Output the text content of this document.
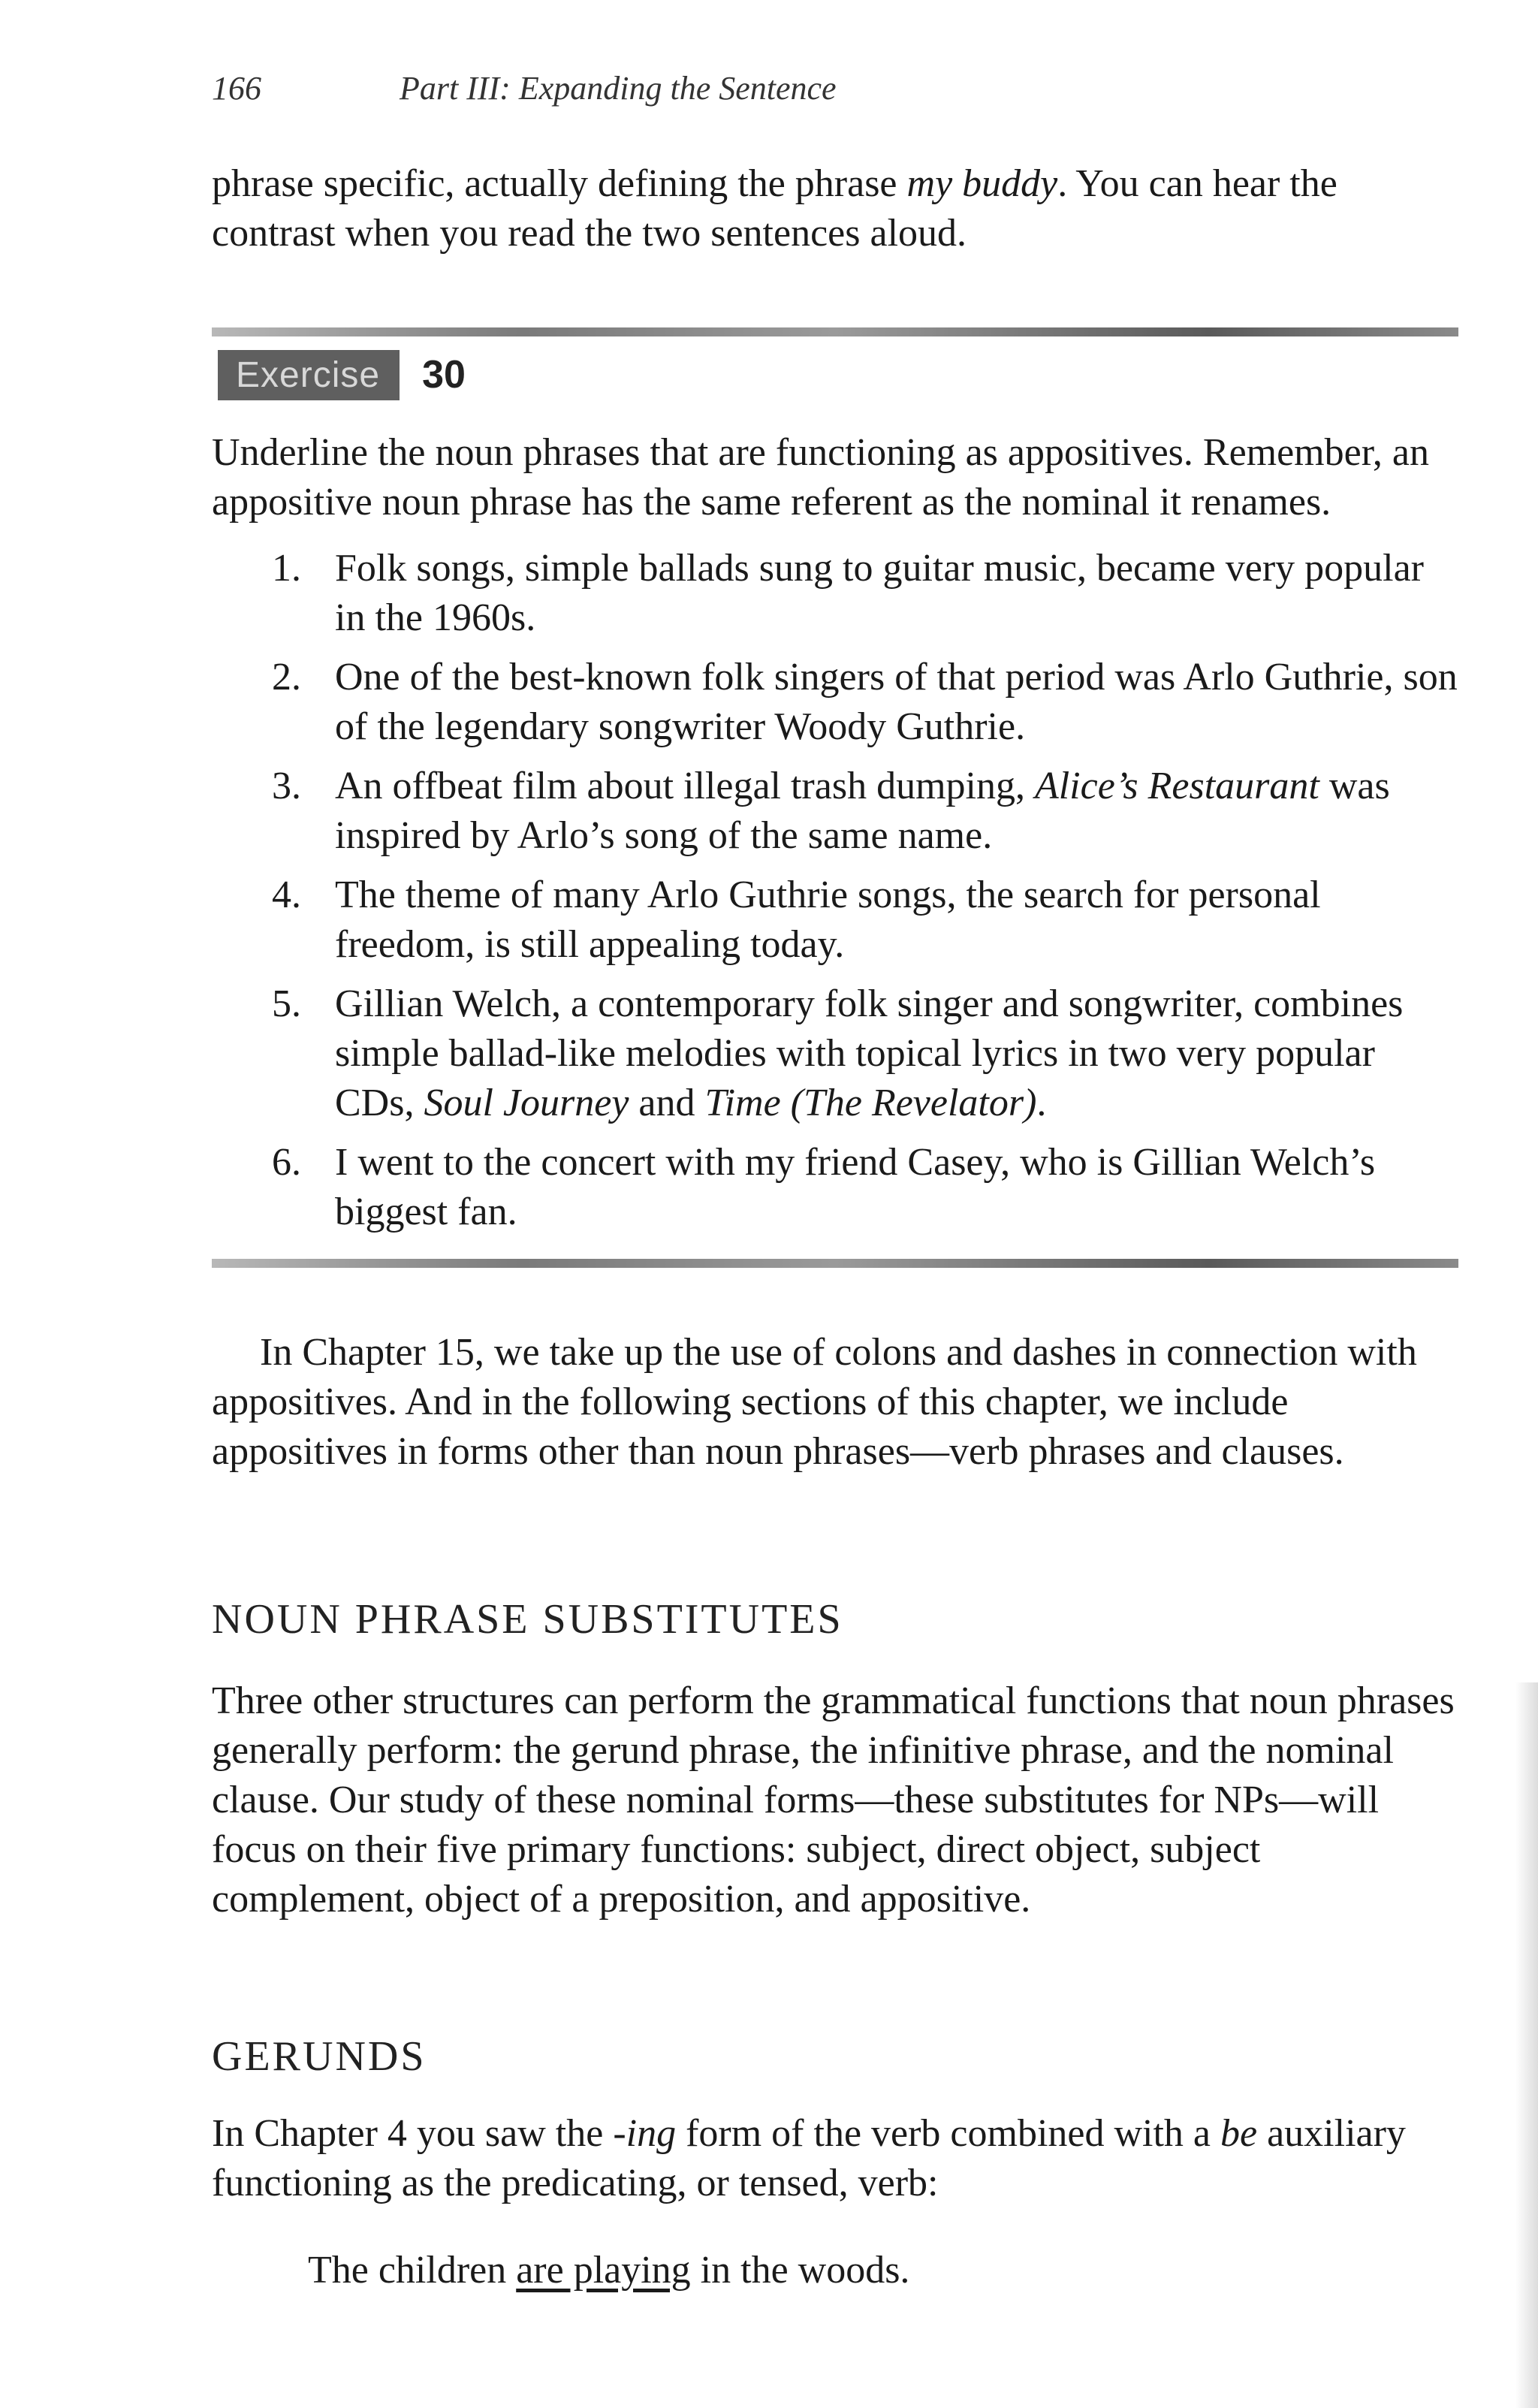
166	Part III: Expanding the Sentence

phrase specific, actually defining the phrase my buddy. You can hear the contrast when you read the two sentences aloud.

Exercise	30

Underline the noun phrases that are functioning as appositives. Remember, an appositive noun phrase has the same referent as the nominal it renames.

1. Folk songs, simple ballads sung to guitar music, became very popular in the 1960s.
2. One of the best-known folk singers of that period was Arlo Guthrie, son of the legendary songwriter Woody Guthrie.
3. An offbeat film about illegal trash dumping, Alice’s Restaurant was inspired by Arlo’s song of the same name.
4. The theme of many Arlo Guthrie songs, the search for personal freedom, is still appealing today.
5. Gillian Welch, a contemporary folk singer and songwriter, combines simple ballad-like melodies with topical lyrics in two very popular CDs, Soul Journey and Time (The Revelator).
6. I went to the concert with my friend Casey, who is Gillian Welch’s biggest fan.

In Chapter 15, we take up the use of colons and dashes in connection with appositives. And in the following sections of this chapter, we include appositives in forms other than noun phrases—verb phrases and clauses.

NOUN PHRASE SUBSTITUTES

Three other structures can perform the grammatical functions that noun phrases generally perform: the gerund phrase, the infinitive phrase, and the nominal clause. Our study of these nominal forms—these substitutes for NPs—will focus on their five primary functions: subject, direct object, subject complement, object of a preposition, and appositive.

GERUNDS

In Chapter 4 you saw the -ing form of the verb combined with a be auxiliary functioning as the predicating, or tensed, verb:

The children are playing in the woods.
